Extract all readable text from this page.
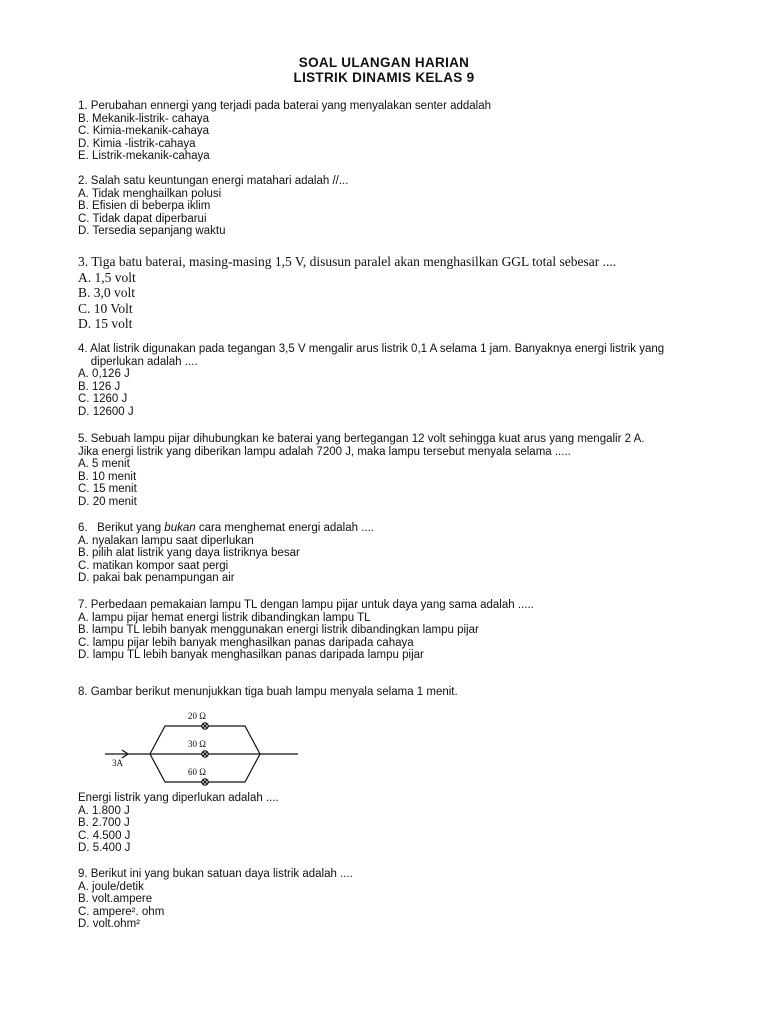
SOAL ULANGAN HARIAN
LISTRIK DINAMIS KELAS 9
1. Perubahan ennergi yang terjadi pada baterai yang menyalakan senter addalah
B. Mekanik-listrik- cahaya
C. Kimia-mekanik-cahaya
D. Kimia -listrik-cahaya
E. Listrik-mekanik-cahaya
2. Salah satu keuntungan energi matahari adalah //...
A. Tidak menghailkan polusi
B. Efisien di beberpa iklim
C. Tidak dapat diperbarui
D. Tersedia sepanjang waktu
3. Tiga batu baterai, masing-masing 1,5 V, disusun paralel akan menghasilkan GGL total sebesar ....
A. 1,5 volt
B. 3,0 volt
C. 10 Volt
D. 15 volt
4. Alat listrik digunakan pada tegangan 3,5 V mengalir arus listrik 0,1 A selama 1 jam. Banyaknya energi listrik yang
diperlukan adalah ....
A. 0,126 J
B. 126 J
C. 1260 J
D. 12600 J
5. Sebuah lampu pijar dihubungkan ke baterai yang bertegangan 12 volt sehingga kuat arus yang mengalir 2 A.
Jika energi listrik yang diberikan lampu adalah 7200 J, maka lampu tersebut menyala selama .....
A. 5 menit
B. 10 menit
C. 15 menit
D. 20 menit
6.   Berikut yang bukan cara menghemat energi adalah ....
A. nyalakan lampu saat diperlukan
B. pilih alat listrik yang daya listriknya besar
C. matikan kompor saat pergi
D. pakai bak penampungan air
7. Perbedaan pemakaian lampu TL dengan lampu pijar untuk daya yang sama adalah .....
A. lampu pijar hemat energi listrik dibandingkan lampu TL
B. lampu TL lebih banyak menggunakan energi listrik dibandingkan lampu pijar
C. lampu pijar lebih banyak menghasilkan panas daripada cahaya
D. lampu TL lebih banyak menghasilkan panas daripada lampu pijar
8. Gambar berikut menunjukkan tiga buah lampu menyala selama 1 menit.
20 Ω
30 Ω
60 Ω
3A
Energi listrik yang diperlukan adalah ....
A. 1.800 J
B. 2.700 J
C. 4.500 J
D. 5.400 J
9. Berikut ini yang bukan satuan daya listrik adalah ....
A. joule/detik
B. volt.ampere
C. ampere². ohm
D. volt.ohm²
